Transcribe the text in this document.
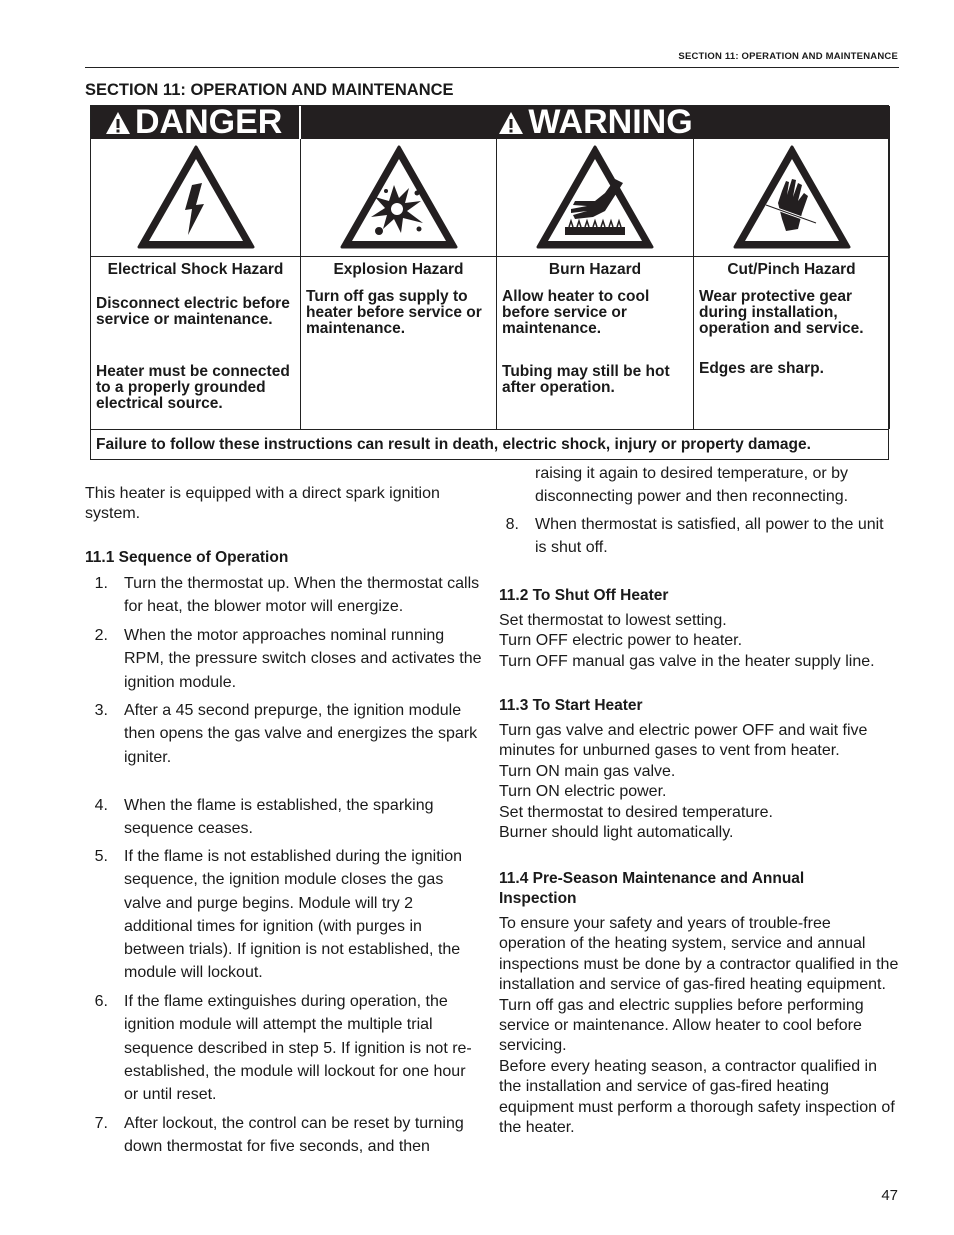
SECTION 11: OPERATION AND MAINTENANCE
SECTION 11: OPERATION AND MAINTENANCE
DANGER	WARNING
Electrical Shock Hazard
Disconnect electric before service or maintenance.
Heater must be connected to a properly grounded electrical source.
Explosion Hazard
Turn off gas supply to heater before service or maintenance.
Burn Hazard
Allow heater to cool before service or maintenance.
Tubing may still be hot after operation.
Cut/Pinch Hazard
Wear protective gear during installation, operation and service.
Edges are sharp.
Failure to follow these instructions can result in death, electric shock, injury or property damage.
This heater is equipped with a direct spark ignition system.
11.1 Sequence of Operation
1. Turn the thermostat up. When the thermostat calls for heat, the blower motor will energize.
2. When the motor approaches nominal running RPM, the pressure switch closes and activates the ignition module.
3. After a 45 second prepurge, the ignition module then opens the gas valve and energizes the spark igniter.
4. When the flame is established, the sparking sequence ceases.
5. If the flame is not established during the ignition sequence, the ignition module closes the gas valve and purge begins. Module will try 2 additional times for ignition (with purges in between trials). If ignition is not established, the module will lockout.
6. If the flame extinguishes during operation, the ignition module will attempt the multiple trial sequence described in step 5. If ignition is not re-established, the module will lockout for one hour or until reset.
7. After lockout, the control can be reset by turning down thermostat for five seconds, and then
raising it again to desired temperature, or by disconnecting power and then reconnecting.
8. When thermostat is satisfied, all power to the unit is shut off.
11.2 To Shut Off Heater
Set thermostat to lowest setting.
Turn OFF electric power to heater.
Turn OFF manual gas valve in the heater supply line.
11.3 To Start Heater
Turn gas valve and electric power OFF and wait five minutes for unburned gases to vent from heater.
Turn ON main gas valve.
Turn ON electric power.
Set thermostat to desired temperature.
Burner should light automatically.
11.4 Pre-Season Maintenance and Annual Inspection
To ensure your safety and years of trouble-free operation of the heating system, service and annual inspections must be done by a contractor qualified in the installation and service of gas-fired heating equipment.
Turn off gas and electric supplies before performing service or maintenance. Allow heater to cool before servicing.
Before every heating season, a contractor qualified in the installation and service of gas-fired heating equipment must perform a thorough safety inspection of the heater.
47
